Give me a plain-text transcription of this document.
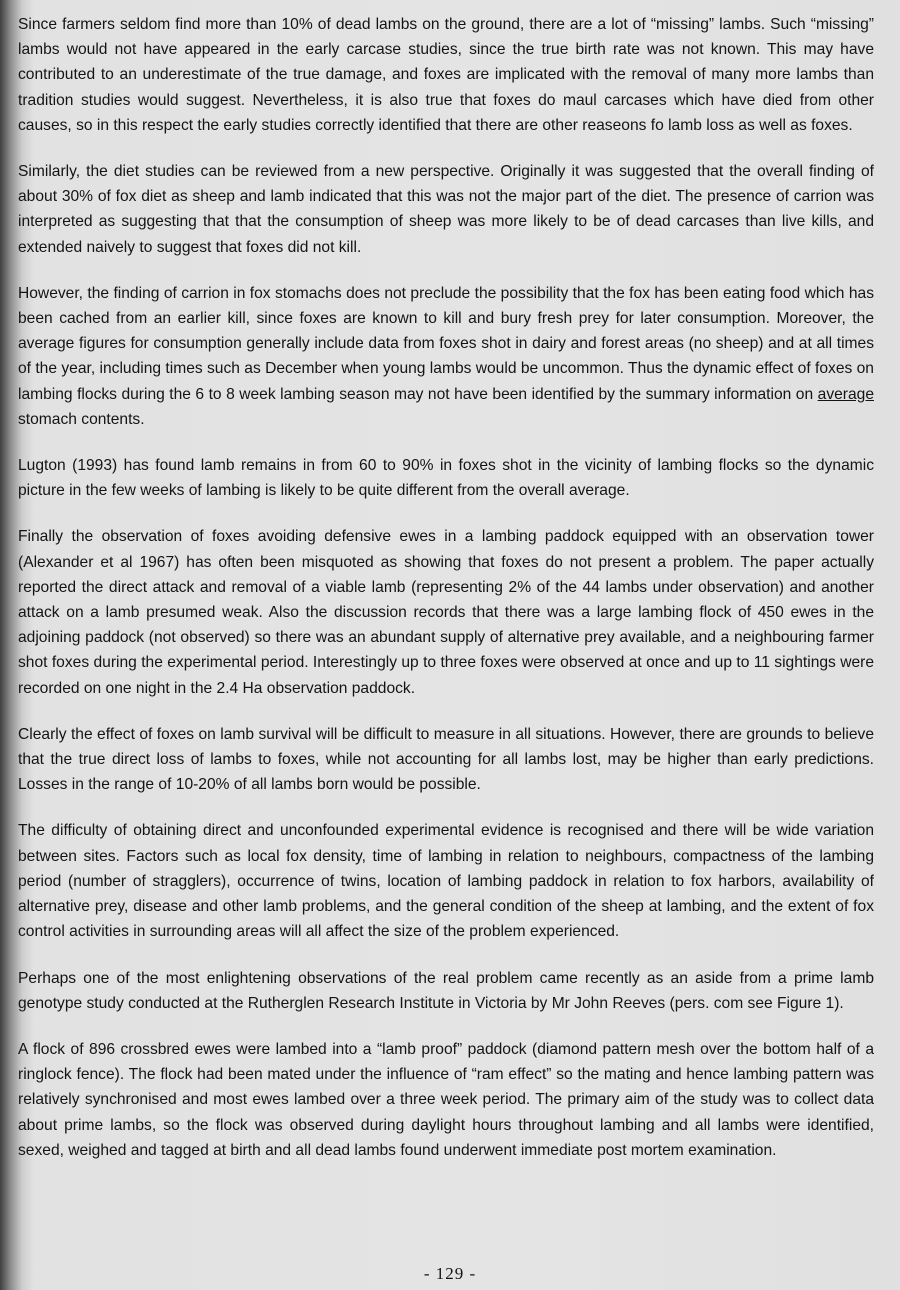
Since farmers seldom find more than 10% of dead lambs on the ground, there are a lot of “missing” lambs. Such “missing” lambs would not have appeared in the early carcase studies, since the true birth rate was not known. This may have contributed to an underestimate of the true damage, and foxes are implicated with the removal of many more lambs than tradition studies would suggest. Nevertheless, it is also true that foxes do maul carcases which have died from other causes, so in this respect the early studies correctly identified that there are other reaseons fo lamb loss as well as foxes.

Similarly, the diet studies can be reviewed from a new perspective. Originally it was suggested that the overall finding of about 30% of fox diet as sheep and lamb indicated that this was not the major part of the diet. The presence of carrion was interpreted as suggesting that that the consumption of sheep was more likely to be of dead carcases than live kills, and extended naively to suggest that foxes did not kill.

However, the finding of carrion in fox stomachs does not preclude the possibility that the fox has been eating food which has been cached from an earlier kill, since foxes are known to kill and bury fresh prey for later consumption. Moreover, the average figures for consumption generally include data from foxes shot in dairy and forest areas (no sheep) and at all times of the year, including times such as December when young lambs would be uncommon. Thus the dynamic effect of foxes on lambing flocks during the 6 to 8 week lambing season may not have been identified by the summary information on average stomach contents.

Lugton (1993) has found lamb remains in from 60 to 90% in foxes shot in the vicinity of lambing flocks so the dynamic picture in the few weeks of lambing is likely to be quite different from the overall average.

Finally the observation of foxes avoiding defensive ewes in a lambing paddock equipped with an observation tower (Alexander et al 1967) has often been misquoted as showing that foxes do not present a problem. The paper actually reported the direct attack and removal of a viable lamb (representing 2% of the 44 lambs under observation) and another attack on a lamb presumed weak. Also the discussion records that there was a large lambing flock of 450 ewes in the adjoining paddock (not observed) so there was an abundant supply of alternative prey available, and a neighbouring farmer shot foxes during the experimental period. Interestingly up to three foxes were observed at once and up to 11 sightings were recorded on one night in the 2.4 Ha observation paddock.

Clearly the effect of foxes on lamb survival will be difficult to measure in all situations. However, there are grounds to believe that the true direct loss of lambs to foxes, while not accounting for all lambs lost, may be higher than early predictions. Losses in the range of 10-20% of all lambs born would be possible.

The difficulty of obtaining direct and unconfounded experimental evidence is recognised and there will be wide variation between sites. Factors such as local fox density, time of lambing in relation to neighbours, compactness of the lambing period (number of stragglers), occurrence of twins, location of lambing paddock in relation to fox harbors, availability of alternative prey, disease and other lamb problems, and the general condition of the sheep at lambing, and the extent of fox control activities in surrounding areas will all affect the size of the problem experienced.

Perhaps one of the most enlightening observations of the real problem came recently as an aside from a prime lamb genotype study conducted at the Rutherglen Research Institute in Victoria by Mr John Reeves (pers. com see Figure 1).

A flock of 896 crossbred ewes were lambed into a “lamb proof” paddock (diamond pattern mesh over the bottom half of a ringlock fence). The flock had been mated under the influence of “ram effect” so the mating and hence lambing pattern was relatively synchronised and most ewes lambed over a three week period. The primary aim of the study was to collect data about prime lambs, so the flock was observed during daylight hours throughout lambing and all lambs were identified, sexed, weighed and tagged at birth and all dead lambs found underwent immediate post mortem examination.

- 129 -
